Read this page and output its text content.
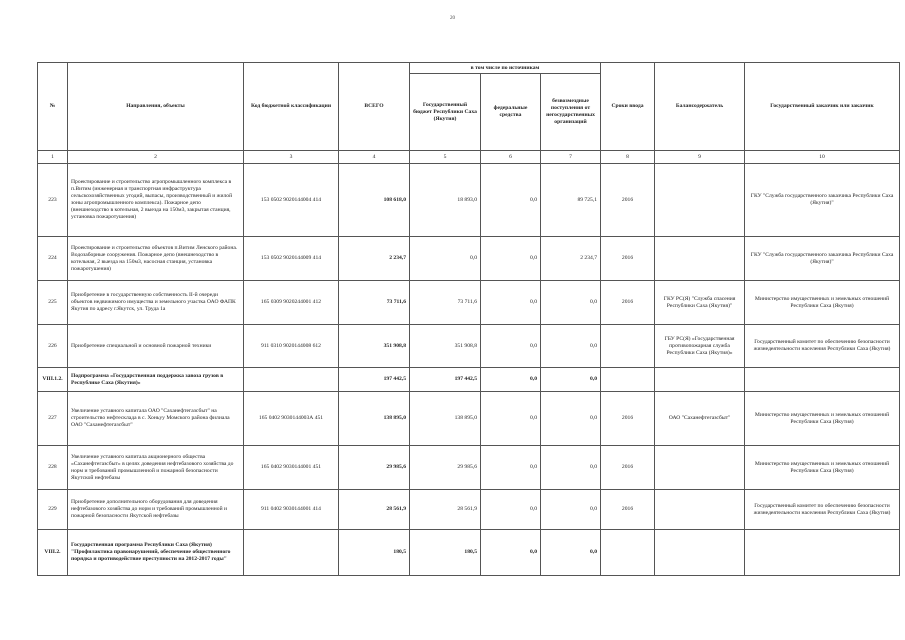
20
№	Направления, объекты	Код бюджетной классификации	ВСЕГО	в том числе по источникам			Сроки ввода	Балансодержатель	Государственный заказчик или заказчик
				Государственный бюджет Республики Саха (Якутия)	федеральные средства	безвозмездные поступления от негосударственных организаций			
1	2	3	4	5	6	7	8	9	10
223	Проектирование и строительство агропромышленного комплекса в п.Витим (инженерная и транспортная инфраструктура сельскохозяйственных угодий, выпасы, производственный и жилой зоны агропромышленного комплекса). Пожарное депо (внешнеходство в котельная, 2 выезда на 150м3, закрытая станция, установка пожаротушения)	153 0502 9020144004 414	108 618,0	18 893,0	0,0	89 725,1	2016		ГКУ "Служба государственного заказчика Республики Саха (Якутия)"
224	Проектирование и строительство объектов п.Витим Ленского района. Водозаборные сооружения. Пожарное депо (внешнеходство в котельная, 2 выезда на 150м3, насосная станция, установка пожаротушения)	153 0502 9020144009 414	2 234,7	0,0	0,0	2 234,7	2016		ГКУ "Служба государственного заказчика Республики Саха (Якутия)"
225	Приобретение в государственную собственность II-й очереди объектов недвижимого имущества и земельного участка ОАО ФАПК Якутия по адресу г.Якутск, ул. Труда 1а	165 0309 9020244001 412	73 711,6	73 711,6	0,0	0,0	2016	ГКУ РС(Я) "Служба спасения Республики Саха (Якутия)"	Министерство имущественных и земельных отношений Республики Саха (Якутия)
226	Приобретение специальной и основной пожарной техники	911 0310 9020144008 612	351 908,8	351 908,8	0,0	0,0		ГБУ РС(Я) «Государственная противопожарная служба Республики Саха (Якутия)»	Государственный комитет по обеспечению безопасности жизнедеятельности населения Республики Саха (Якутия)
VIII.1.2.	Подпрограмма «Государственная поддержка завоза грузов в Республике Саха (Якутия)»		197 442,5	197 442,5	0,0	0,0			
227	Увеличение уставного капитала ОАО "Саханефтегазсбыт" на строительство нефтесклада в с. Хоньуу Момского района филиала ОАО "Саханефтегазсбыт"	165 0402 9030144003А 451	138 895,0	138 895,0	0,0	0,0	2016	ОАО "Саханефтегазсбыт"	Министерство имущественных и земельных отношений Республики Саха (Якутия)
228	Увеличение уставного капитала акционерного общества «Саханефтегазсбыт» в целях доведения нефтебазового хозяйства до норм и требований промышленной и пожарной безопасности Якутской нефтебазы	165 0402 9030144001 451	29 985,6	29 985,6	0,0	0,0	2016		Министерство имущественных и земельных отношений Республики Саха (Якутия)
229	Приобретение дополнительного оборудования для доведения нефтебазового хозяйства до норм и требований промышленной и пожарной безопасности Якутской нефтебазы	911 0402 9030144001 414	28 561,9	28 561,9	0,0	0,0	2016		Государственный комитет по обеспечению безопасности жизнедеятельности населения Республики Саха (Якутия)
VIII.2.	Государственная программа Республики Саха (Якутия) "Профилактика правонарушений, обеспечение общественного порядка и противодействие преступности на 2012-2017 годы"		180,5	180,5	0,0	0,0			
